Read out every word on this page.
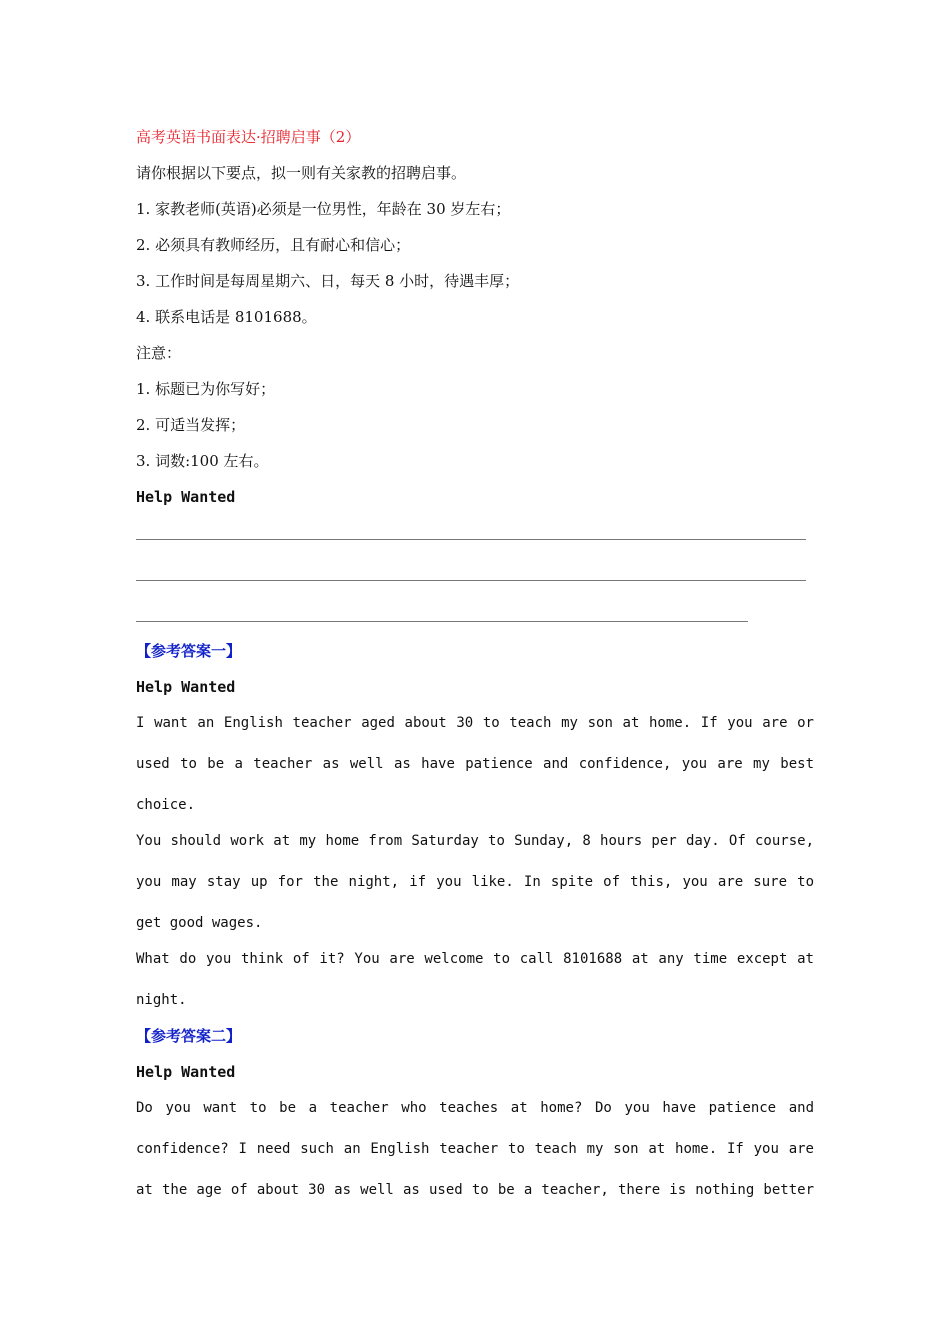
高考英语书面表达·招聘启事（2）
请你根据以下要点，拟一则有关家教的招聘启事。
1. 家教老师(英语)必须是一位男性，年龄在 30 岁左右；
2. 必须具有教师经历，且有耐心和信心；
3. 工作时间是每周星期六、日，每天 8 小时，待遇丰厚；
4. 联系电话是 8101688。
注意：
1. 标题已为你写好；
2. 可适当发挥；
3. 词数:100 左右。
Help Wanted
【参考答案一】
Help Wanted
I want an English teacher aged about 30 to teach my son at home. If you are or
used to be a teacher as well as have patience and confidence, you are my best
choice.
You should work at my home from Saturday to Sunday, 8 hours per day. Of course,
you may stay up for the night, if you like. In spite of this, you are sure to
get good wages.
What do you think of it? You are welcome to call 8101688 at any time except at
night.
【参考答案二】
Help Wanted
Do you want to be a teacher who teaches at home? Do you have patience and
confidence? I need such an English teacher to teach my son at home. If you are
at the age of about 30 as well as used to be a teacher, there is nothing better
